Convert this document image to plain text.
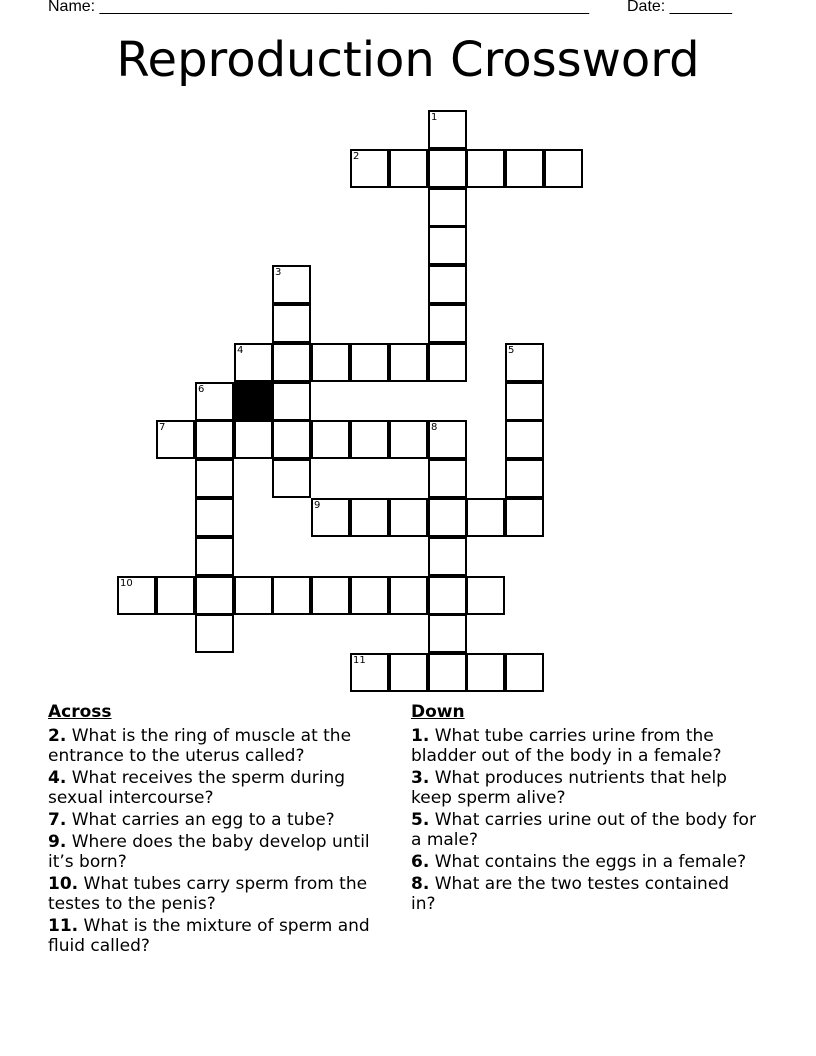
Name: _______________________________________________________ Date: _______
Reproduction Crossword
1
2
3
4	5
6
7	8
9
10
11
Across
2. What is the ring of muscle at the entrance to the uterus called?
4. What receives the sperm during sexual intercourse?
7. What carries an egg to a tube?
9. Where does the baby develop until it’s born?
10. What tubes carry sperm from the testes to the penis?
11. What is the mixture of sperm and fluid called?
Down
1. What tube carries urine from the bladder out of the body in a female?
3. What produces nutrients that help keep sperm alive?
5. What carries urine out of the body for a male?
6. What contains the eggs in a female?
8. What are the two testes contained in?
